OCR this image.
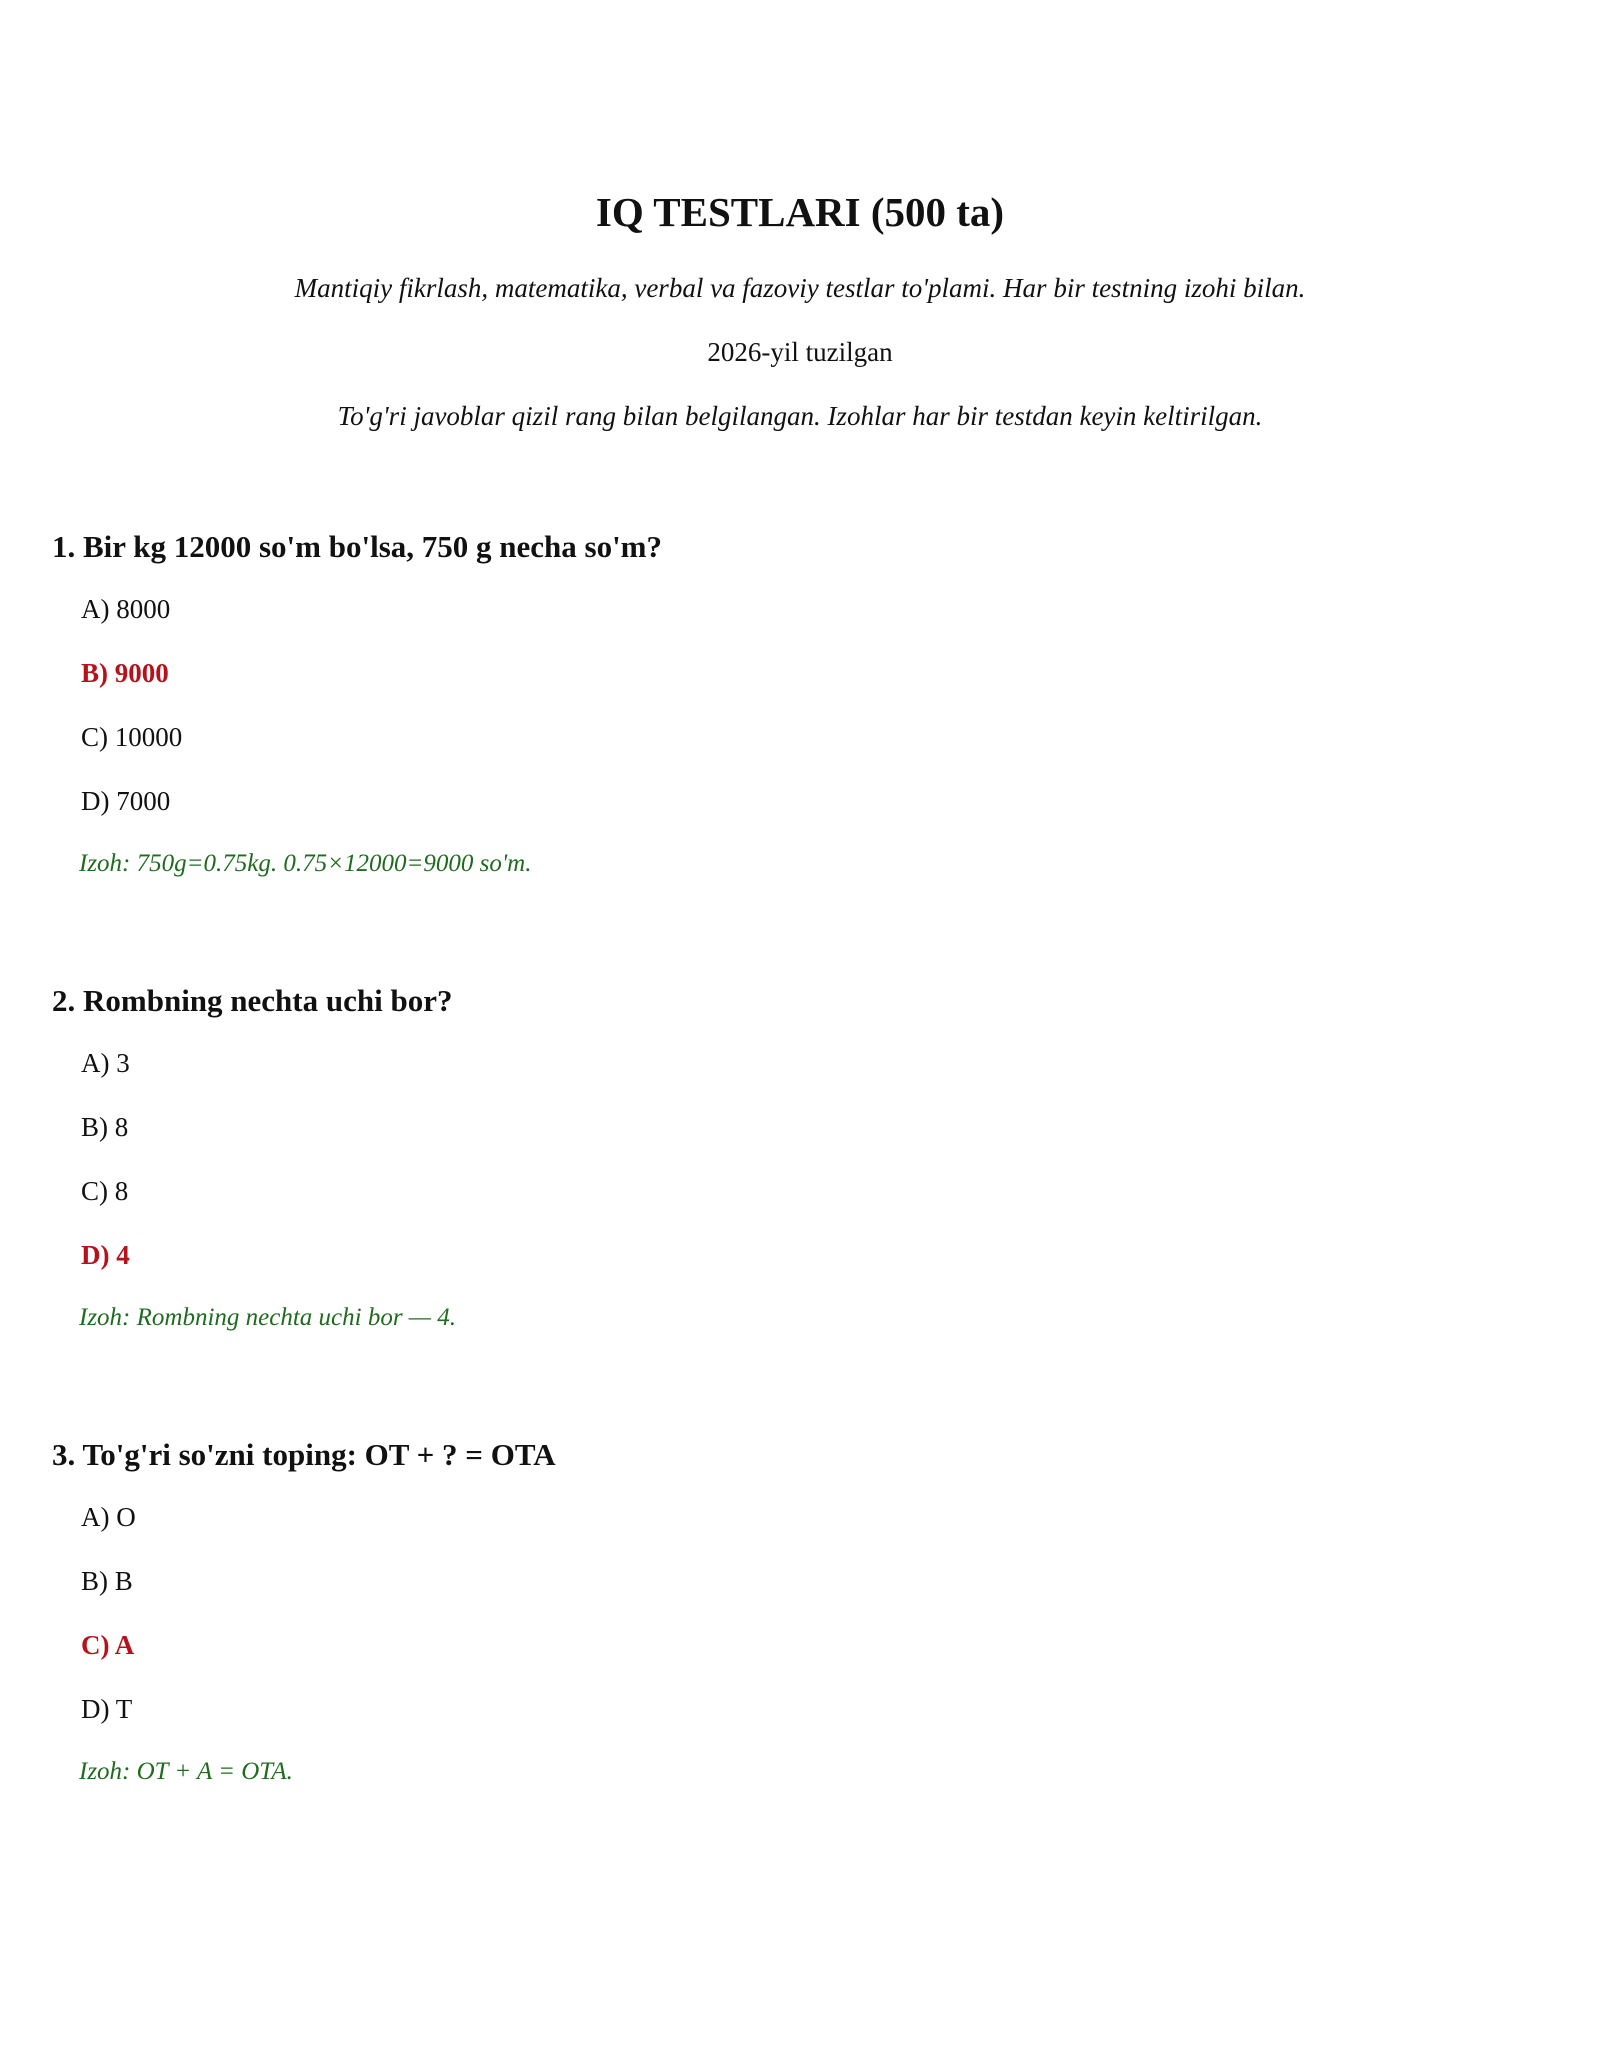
IQ TESTLARI (500 ta)
Mantiqiy fikrlash, matematika, verbal va fazoviy testlar to'plami. Har bir testning izohi bilan.
2026-yil tuzilgan
To'g'ri javoblar qizil rang bilan belgilangan. Izohlar har bir testdan keyin keltirilgan.
1. Bir kg 12000 so'm bo'lsa, 750 g necha so'm?
A) 8000
B) 9000
C) 10000
D) 7000
Izoh: 750g=0.75kg. 0.75×12000=9000 so'm.
2. Rombning nechta uchi bor?
A) 3
B) 8
C) 8
D) 4
Izoh: Rombning nechta uchi bor — 4.
3. To'g'ri so'zni toping: OT + ? = OTA
A) O
B) B
C) A
D) T
Izoh: OT + A = OTA.
